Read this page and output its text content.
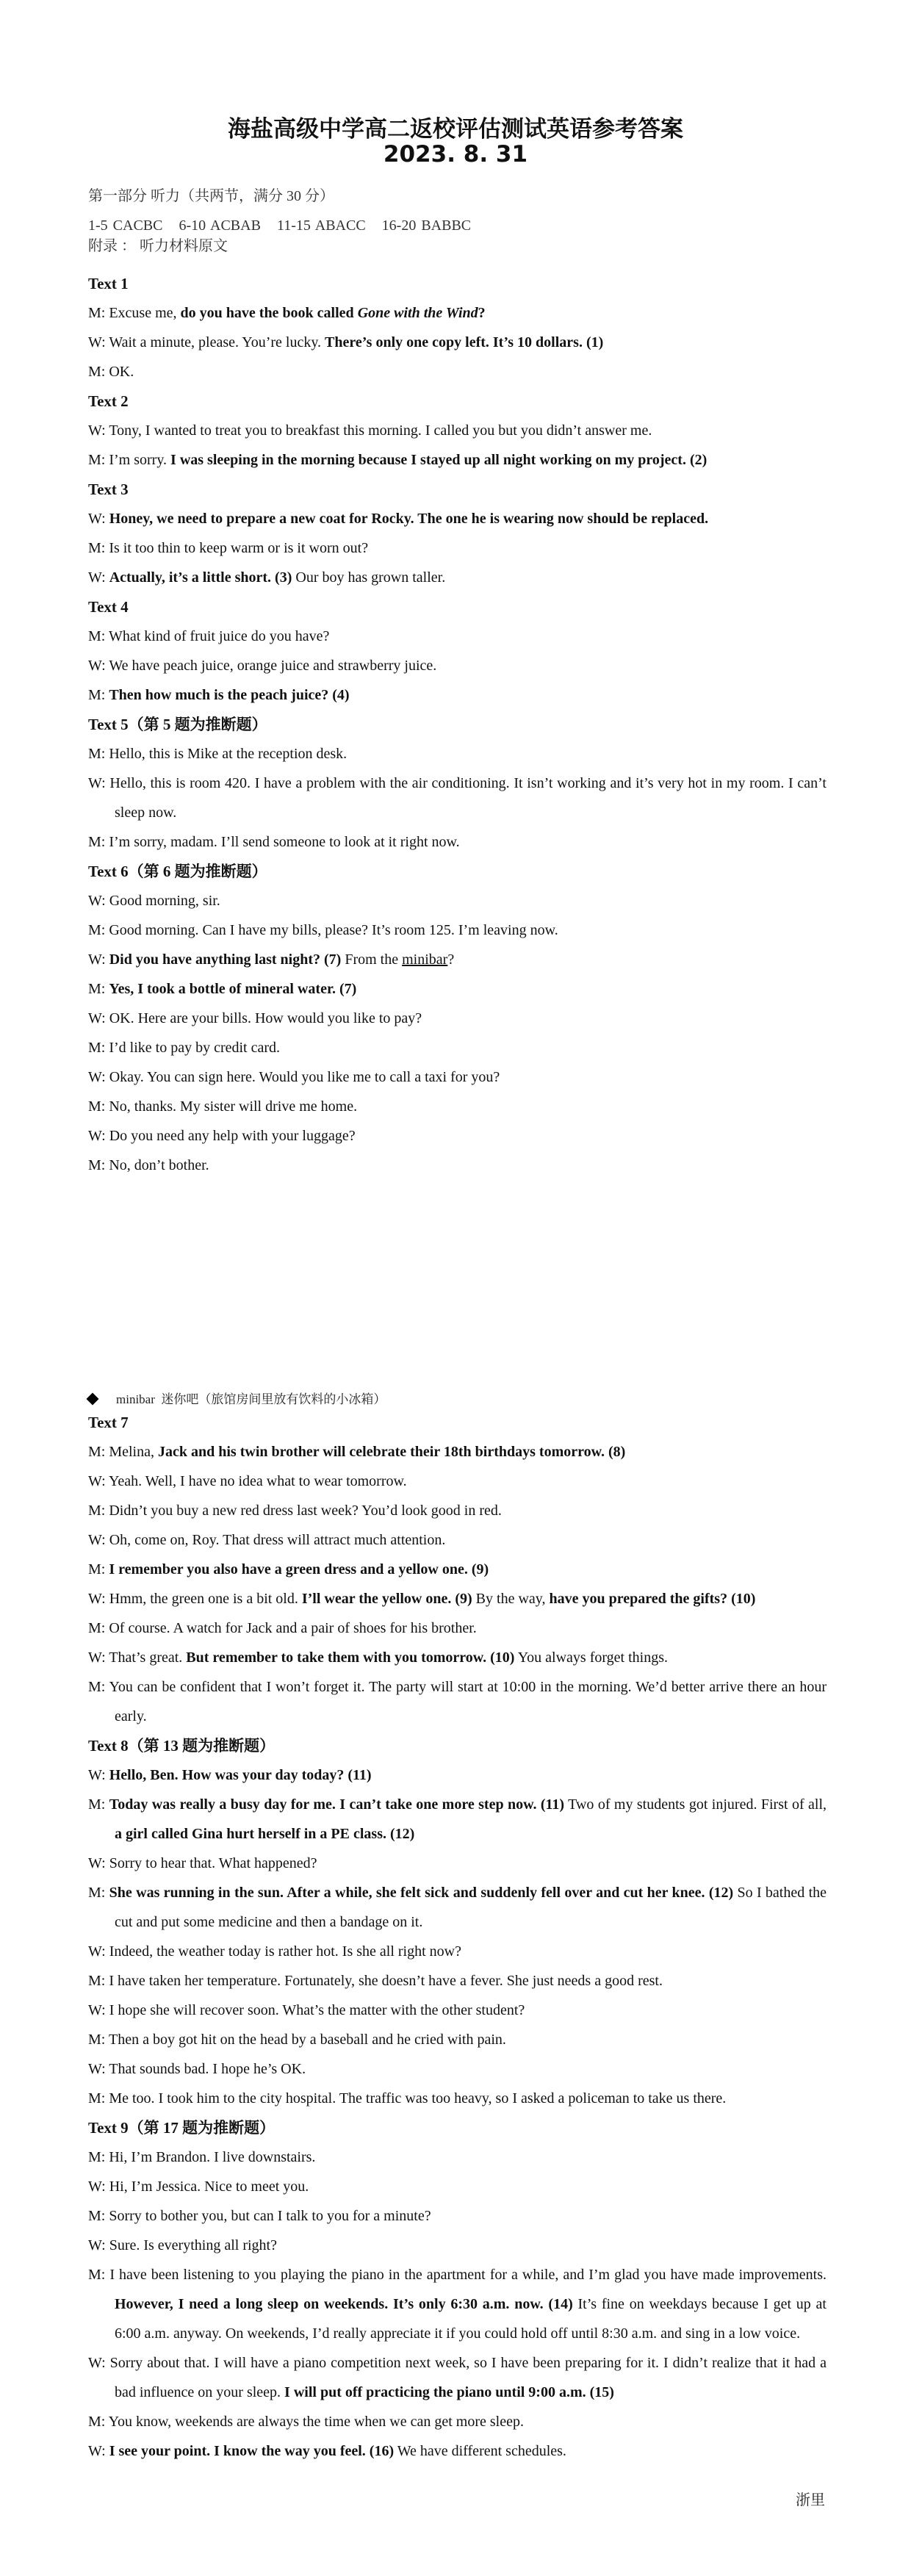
海盐高级中学高二返校评估测试英语参考答案
2023. 8. 31
第一部分 听力（共两节，满分 30 分）
1-5 CACBC 6-10 ACBAB 11-15 ABACC 16-20 BABBC
附录 ： 听力材料原文
Text 1
M: Excuse me, do you have the book called Gone with the Wind?
W: Wait a minute, please. You’re lucky. There’s only one copy left. It’s 10 dollars. (1)
M: OK.
Text 2
W: Tony, I wanted to treat you to breakfast this morning. I called you but you didn’t answer me.
M: I’m sorry. I was sleeping in the morning because I stayed up all night working on my project. (2)
Text 3
W: Honey, we need to prepare a new coat for Rocky. The one he is wearing now should be replaced.
M: Is it too thin to keep warm or is it worn out?
W: Actually, it’s a little short. (3) Our boy has grown taller.
Text 4
M: What kind of fruit juice do you have?
W: We have peach juice, orange juice and strawberry juice.
M: Then how much is the peach juice? (4)
Text 5（第 5 题为推断题）
M: Hello, this is Mike at the reception desk.
W: Hello, this is room 420. I have a problem with the air conditioning. It isn’t working and it’s very hot in my room. I can’t sleep now.
M: I’m sorry, madam. I’ll send someone to look at it right now.
Text 6（第 6 题为推断题）
W: Good morning, sir.
M: Good morning. Can I have my bills, please? It’s room 125. I’m leaving now.
W: Did you have anything last night? (7) From the minibar?
M: Yes, I took a bottle of mineral water. (7)
W: OK. Here are your bills. How would you like to pay?
M: I’d like to pay by credit card.
W: Okay. You can sign here. Would you like me to call a taxi for you?
M: No, thanks. My sister will drive me home.
W: Do you need any help with your luggage?
M: No, don’t bother.
minibar 迷你吧（旅馆房间里放有饮料的小冰箱）
Text 7
M: Melina, Jack and his twin brother will celebrate their 18th birthdays tomorrow. (8)
W: Yeah. Well, I have no idea what to wear tomorrow.
M: Didn’t you buy a new red dress last week? You’d look good in red.
W: Oh, come on, Roy. That dress will attract much attention.
M: I remember you also have a green dress and a yellow one. (9)
W: Hmm, the green one is a bit old. I’ll wear the yellow one. (9) By the way, have you prepared the gifts? (10)
M: Of course. A watch for Jack and a pair of shoes for his brother.
W: That’s great. But remember to take them with you tomorrow. (10) You always forget things.
M: You can be confident that I won’t forget it. The party will start at 10:00 in the morning. We’d better arrive there an hour early.
Text 8（第 13 题为推断题）
W: Hello, Ben. How was your day today? (11)
M: Today was really a busy day for me. I can’t take one more step now. (11) Two of my students got injured. First of all, a girl called Gina hurt herself in a PE class. (12)
W: Sorry to hear that. What happened?
M: She was running in the sun. After a while, she felt sick and suddenly fell over and cut her knee. (12) So I bathed the cut and put some medicine and then a bandage on it.
W: Indeed, the weather today is rather hot. Is she all right now?
M: I have taken her temperature. Fortunately, she doesn’t have a fever. She just needs a good rest.
W: I hope she will recover soon. What’s the matter with the other student?
M: Then a boy got hit on the head by a baseball and he cried with pain.
W: That sounds bad. I hope he’s OK.
M: Me too. I took him to the city hospital. The traffic was too heavy, so I asked a policeman to take us there.
Text 9（第 17 题为推断题）
M: Hi, I’m Brandon. I live downstairs.
W: Hi, I’m Jessica. Nice to meet you.
M: Sorry to bother you, but can I talk to you for a minute?
W: Sure. Is everything all right?
M: I have been listening to you playing the piano in the apartment for a while, and I’m glad you have made improvements. However, I need a long sleep on weekends. It’s only 6:30 a.m. now. (14) It’s fine on weekdays because I get up at 6:00 a.m. anyway. On weekends, I’d really appreciate it if you could hold off until 8:30 a.m. and sing in a low voice.
W: Sorry about that. I will have a piano competition next week, so I have been preparing for it. I didn’t realize that it had a bad influence on your sleep. I will put off practicing the piano until 9:00 a.m. (15)
M: You know, weekends are always the time when we can get more sleep.
W: I see your point. I know the way you feel. (16) We have different schedules.
浙里
